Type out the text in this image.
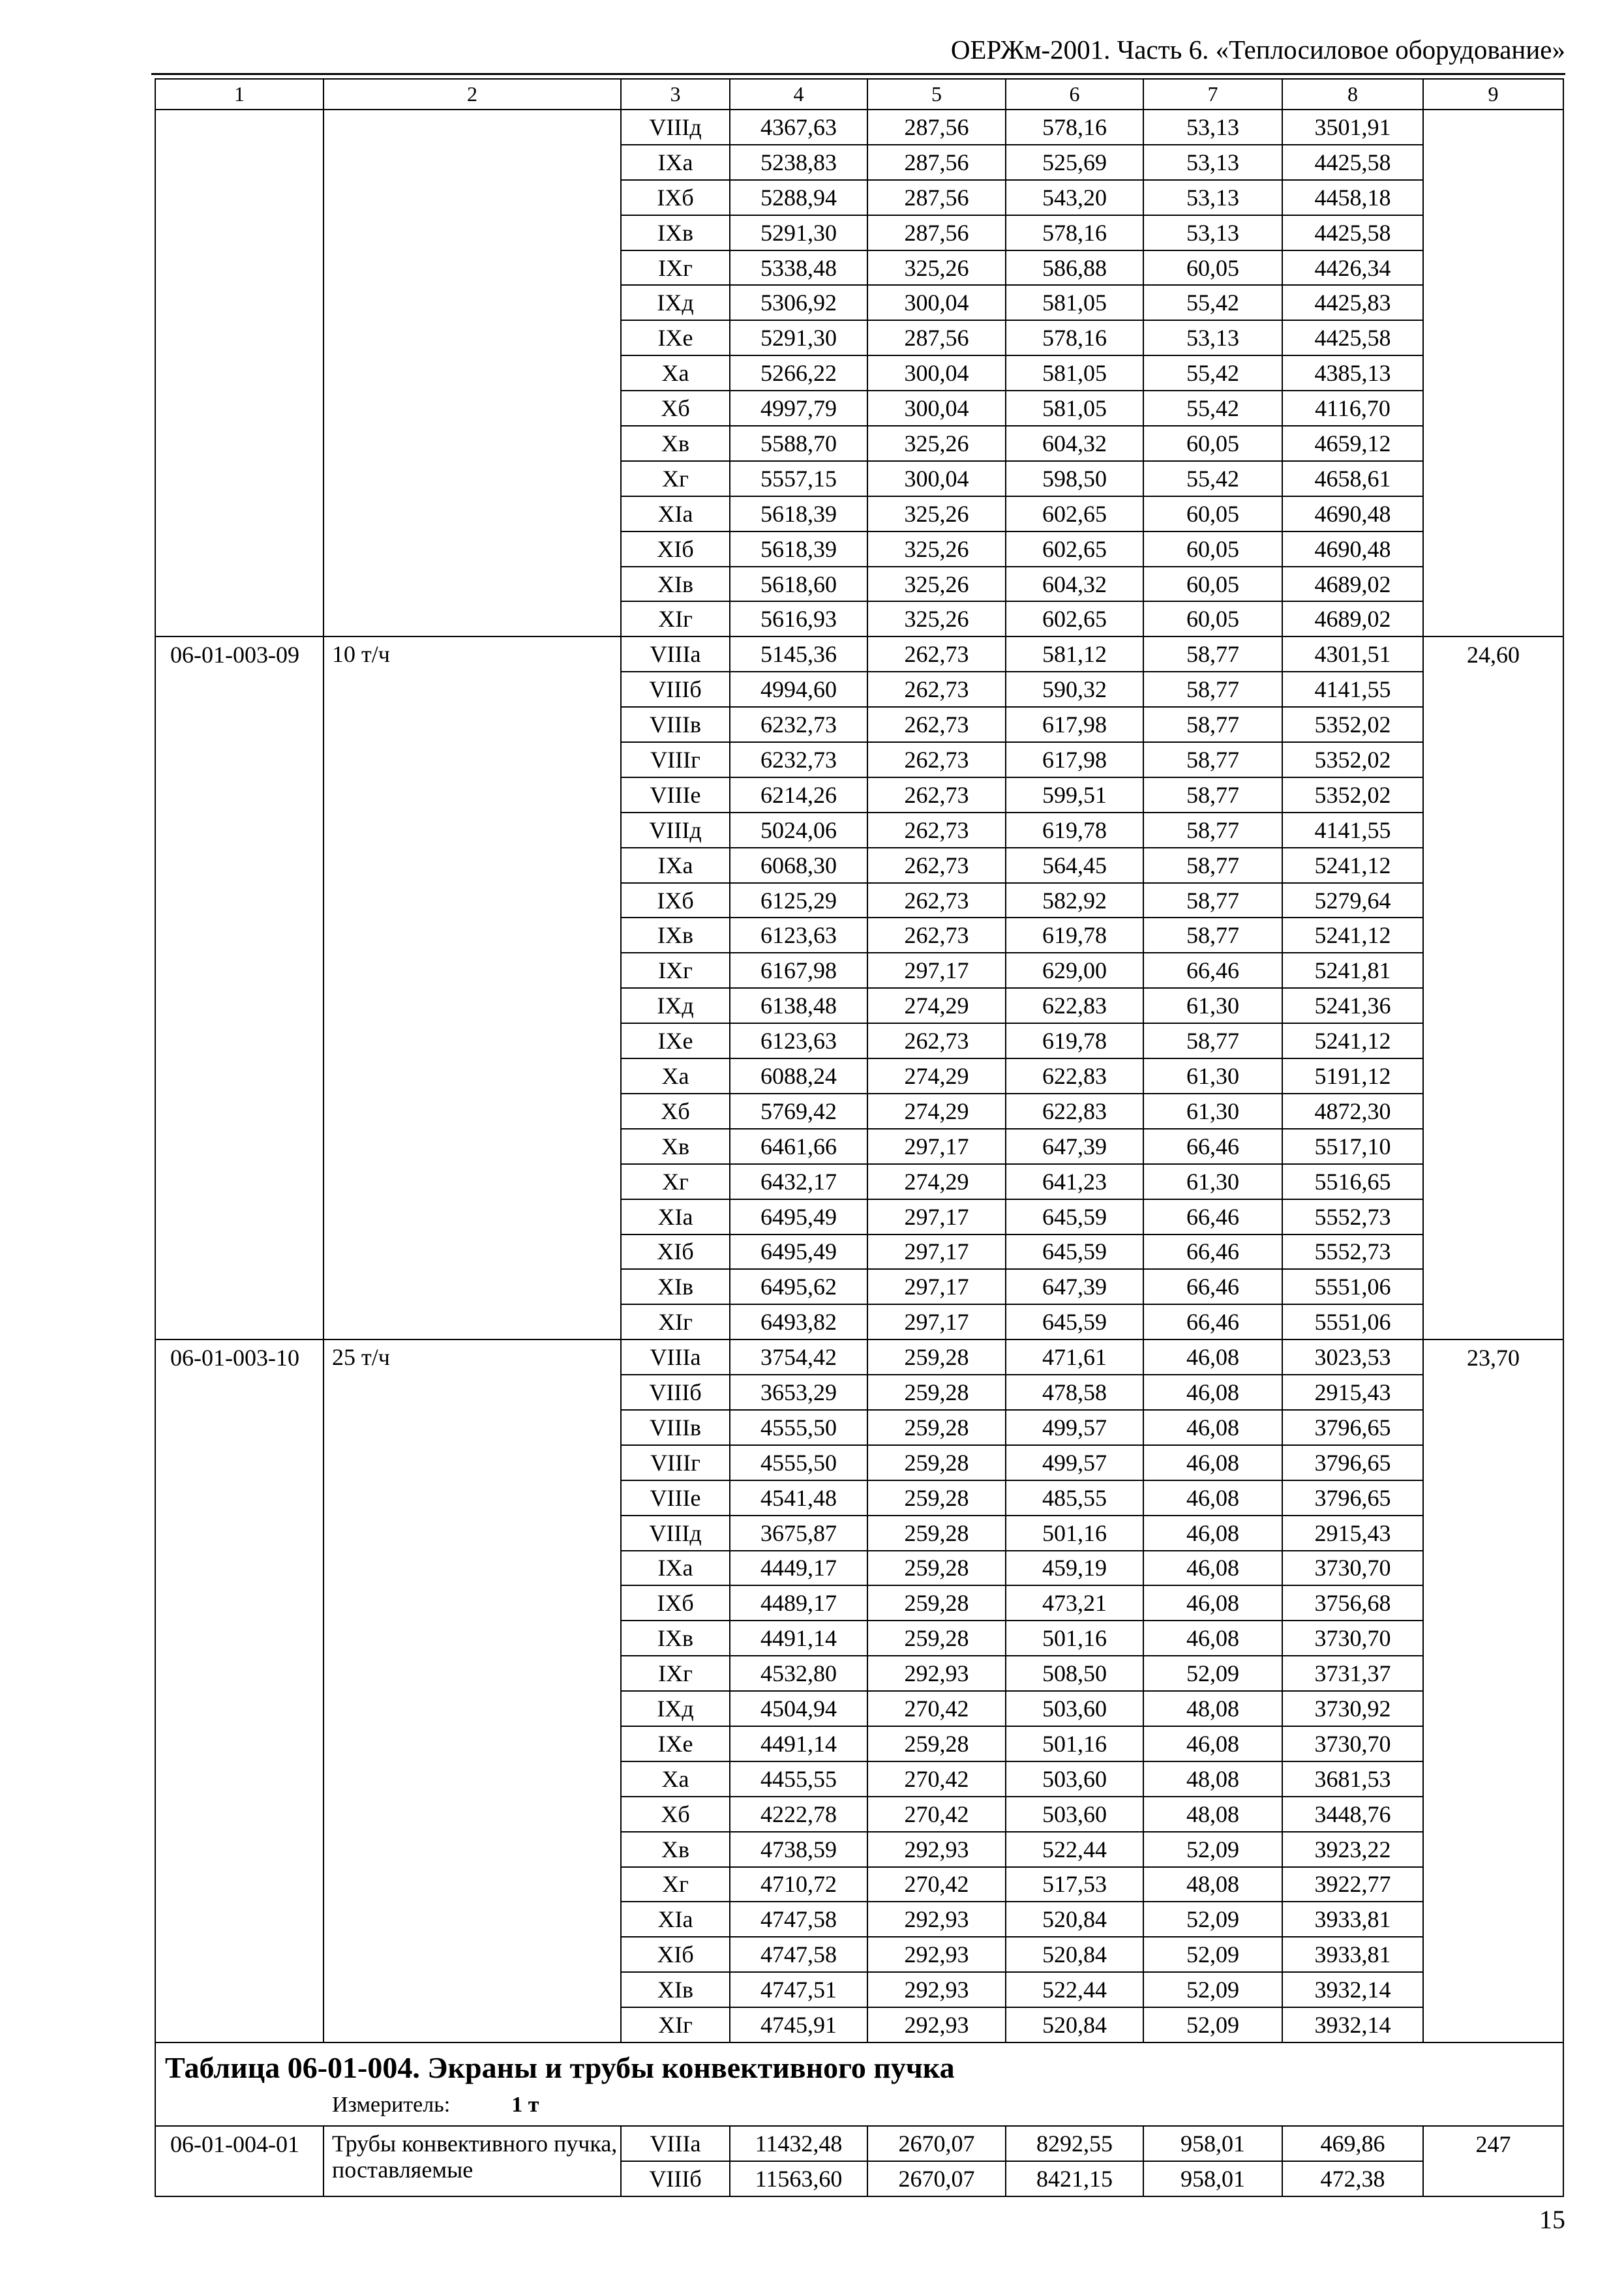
ОЕРЖм-2001. Часть 6. «Теплосиловое оборудование»
1	2	3	4	5	6	7	8	9
		VIIIд	4367,63	287,56	578,16	53,13	3501,91	
		IXа	5238,83	287,56	525,69	53,13	4425,58	
		IXб	5288,94	287,56	543,20	53,13	4458,18	
		IXв	5291,30	287,56	578,16	53,13	4425,58	
		IXг	5338,48	325,26	586,88	60,05	4426,34	
		IXд	5306,92	300,04	581,05	55,42	4425,83	
		IXе	5291,30	287,56	578,16	53,13	4425,58	
		Xа	5266,22	300,04	581,05	55,42	4385,13	
		Xб	4997,79	300,04	581,05	55,42	4116,70	
		Xв	5588,70	325,26	604,32	60,05	4659,12	
		Xг	5557,15	300,04	598,50	55,42	4658,61	
		XIа	5618,39	325,26	602,65	60,05	4690,48	
		XIб	5618,39	325,26	602,65	60,05	4690,48	
		XIв	5618,60	325,26	604,32	60,05	4689,02	
		XIг	5616,93	325,26	602,65	60,05	4689,02	
06-01-003-09	10 т/ч	VIIIа	5145,36	262,73	581,12	58,77	4301,51	24,60
		VIIIб	4994,60	262,73	590,32	58,77	4141,55	
		VIIIв	6232,73	262,73	617,98	58,77	5352,02	
		VIIIг	6232,73	262,73	617,98	58,77	5352,02	
		VIIIе	6214,26	262,73	599,51	58,77	5352,02	
		VIIIд	5024,06	262,73	619,78	58,77	4141,55	
		IXа	6068,30	262,73	564,45	58,77	5241,12	
		IXб	6125,29	262,73	582,92	58,77	5279,64	
		IXв	6123,63	262,73	619,78	58,77	5241,12	
		IXг	6167,98	297,17	629,00	66,46	5241,81	
		IXд	6138,48	274,29	622,83	61,30	5241,36	
		IXе	6123,63	262,73	619,78	58,77	5241,12	
		Xа	6088,24	274,29	622,83	61,30	5191,12	
		Xб	5769,42	274,29	622,83	61,30	4872,30	
		Xв	6461,66	297,17	647,39	66,46	5517,10	
		Xг	6432,17	274,29	641,23	61,30	5516,65	
		XIа	6495,49	297,17	645,59	66,46	5552,73	
		XIб	6495,49	297,17	645,59	66,46	5552,73	
		XIв	6495,62	297,17	647,39	66,46	5551,06	
		XIг	6493,82	297,17	645,59	66,46	5551,06	
06-01-003-10	25 т/ч	VIIIа	3754,42	259,28	471,61	46,08	3023,53	23,70
		VIIIб	3653,29	259,28	478,58	46,08	2915,43	
		VIIIв	4555,50	259,28	499,57	46,08	3796,65	
		VIIIг	4555,50	259,28	499,57	46,08	3796,65	
		VIIIе	4541,48	259,28	485,55	46,08	3796,65	
		VIIIд	3675,87	259,28	501,16	46,08	2915,43	
		IXа	4449,17	259,28	459,19	46,08	3730,70	
		IXб	4489,17	259,28	473,21	46,08	3756,68	
		IXв	4491,14	259,28	501,16	46,08	3730,70	
		IXг	4532,80	292,93	508,50	52,09	3731,37	
		IXд	4504,94	270,42	503,60	48,08	3730,92	
		IXе	4491,14	259,28	501,16	46,08	3730,70	
		Xа	4455,55	270,42	503,60	48,08	3681,53	
		Xб	4222,78	270,42	503,60	48,08	3448,76	
		Xв	4738,59	292,93	522,44	52,09	3923,22	
		Xг	4710,72	270,42	517,53	48,08	3922,77	
		XIа	4747,58	292,93	520,84	52,09	3933,81	
		XIб	4747,58	292,93	520,84	52,09	3933,81	
		XIв	4747,51	292,93	522,44	52,09	3932,14	
		XIг	4745,91	292,93	520,84	52,09	3932,14	

Таблица 06-01-004. Экраны и трубы конвективного пучка
Измеритель: 1 т								

06-01-004-01	Трубы конвективного пучка, поставляемые	VIIIа	11432,48	2670,07	8292,55	958,01	469,86	247
		VIIIб	11563,60	2670,07	8421,15	958,01	472,38	
15
